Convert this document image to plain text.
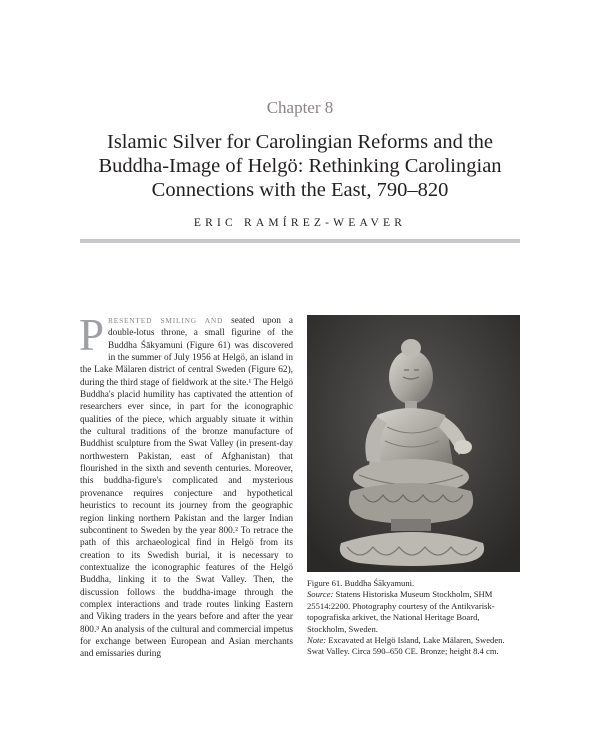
Chapter 8
Islamic Silver for Carolingian Reforms and the
Buddha-Image of Helgö: Rethinking Carolingian
Connections with the East, 790–820
ERIC RAMÍREZ-WEAVER
PRESENTED SMILING AND seated upon a double-lotus throne, a small figurine of the Buddha Śākyamuni (Figure 61) was discovered in the summer of July 1956 at Helgö, an island in the Lake Mälaren district of central Sweden (Figure 62), during the third stage of fieldwork at the site.¹ The Helgö Buddha's placid humility has captivated the attention of researchers ever since, in part for the iconographic qualities of the piece, which arguably situate it within the cultural traditions of the bronze manufacture of Buddhist sculpture from the Swat Valley (in present-day northwestern Pakistan, east of Afghanistan) that flourished in the sixth and seventh centuries. Moreover, this buddha-figure's complicated and mysterious provenance requires conjecture and hypothetical heuristics to recount its journey from the geographic region linking northern Pakistan and the larger Indian subcontinent to Sweden by the year 800.² To retrace the path of this archaeological find in Helgö from its creation to its Swedish burial, it is necessary to contextualize the iconographic features of the Helgö Buddha, linking it to the Swat Valley. Then, the discussion follows the buddha-image through the complex interactions and trade routes linking Eastern and Viking traders in the years before and after the year 800.³ An analysis of the cultural and commercial impetus for exchange between European and Asian merchants and emissaries during

Figure 61. Buddha Śākyamuni.

Source: Statens Historiska Museum Stockholm, SHM 25514:2200. Photography courtesy of the Antikvarisk-topografiska arkivet, the National Heritage Board, Stockholm, Sweden.

Note: Excavated at Helgö Island, Lake Mälaren, Sweden. Swat Valley. Circa 590–650 CE. Bronze; height 8.4 cm.
